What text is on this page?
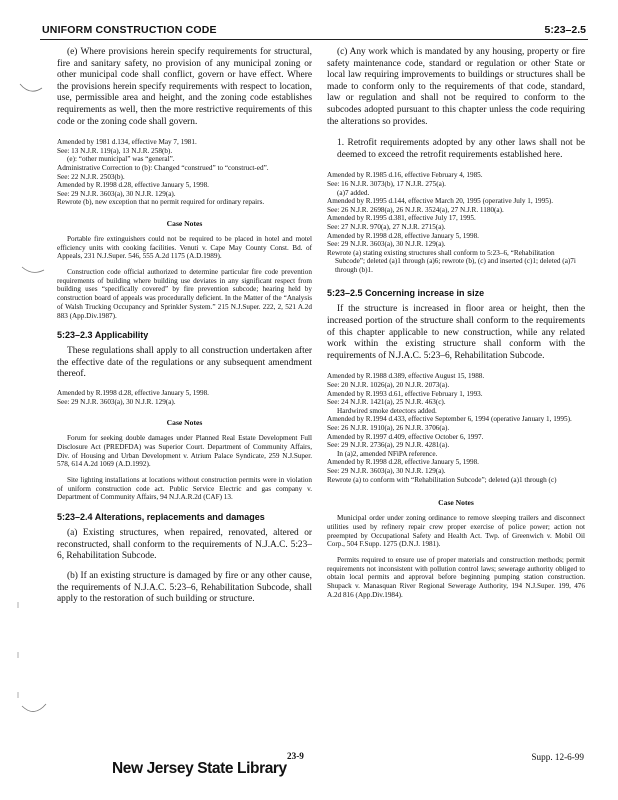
UNIFORM CONSTRUCTION CODE	5:23–2.5

(e) Where provisions herein specify requirements for structural, fire and sanitary safety, no provision of any municipal zoning or other municipal code shall conflict, govern or have effect. Where the provisions herein specify requirements with respect to location, use, permissible area and height, and the zoning code establishes requirements as well, then the more restrictive requirements of this code or the zoning code shall govern.

Amended by 1981 d.134, effective May 7, 1981.
See: 13 N.J.R. 119(a), 13 N.J.R. 258(b).
(e): “other municipal” was “general”.
Administrative Correction to (b): Changed “construed” to “construct-ed”.
See: 22 N.J.R. 2503(b).
Amended by R.1998 d.28, effective January 5, 1998.
See: 29 N.J.R. 3603(a), 30 N.J.R. 129(a).
Rewrote (b), new exception that no permit required for ordinary repairs.
Case Notes

Portable fire extinguishers could not be required to be placed in hotel and motel efficiency units with cooking facilities. Venuti v. Cape May County Const. Bd. of Appeals, 231 N.J.Super. 546, 555 A.2d 1175 (A.D.1989).

Construction code official authorized to determine particular fire code prevention requirements of building where building use deviates in any significant respect from building uses “specifically covered” by fire prevention subcode; hearing held by construction board of appeals was procedurally deficient. In the Matter of the “Analysis of Walsh Trucking Occupancy and Sprinkler System.” 215 N.J.Super. 222, 2, 521 A.2d 883 (App.Div.1987).

5:23–2.3 Applicability

These regulations shall apply to all construction undertaken after the effective date of the regulations or any subsequent amendment thereof.

Amended by R.1998 d.28, effective January 5, 1998.
See: 29 N.J.R. 3603(a), 30 N.J.R. 129(a).
Case Notes

Forum for seeking double damages under Planned Real Estate Development Full Disclosure Act (PREDFDA) was Superior Court. Department of Community Affairs, Div. of Housing and Urban Development v. Atrium Palace Syndicate, 259 N.J.Super. 578, 614 A.2d 1069 (A.D.1992).

Site lighting installations at locations without construction permits were in violation of uniform construction code act. Public Service Electric and gas company v. Department of Community Affairs, 94 N.J.A.R.2d (CAF) 13.

5:23–2.4 Alterations, replacements and damages

(a) Existing structures, when repaired, renovated, altered or reconstructed, shall conform to the requirements of N.J.A.C. 5:23–6, Rehabilitation Subcode.

(b) If an existing structure is damaged by fire or any other cause, the requirements of N.J.A.C. 5:23–6, Rehabilitation Subcode, shall apply to the restoration of such building or structure.

(c) Any work which is mandated by any housing, property or fire safety maintenance code, standard or regulation or other State or local law requiring improvements to buildings or structures shall be made to conform only to the requirements of that code, standard, law or regulation and shall not be required to conform to the subcodes adopted pursuant to this chapter unless the code requiring the alterations so provides.

1. Retrofit requirements adopted by any other laws shall not be deemed to exceed the retrofit requirements established here.

Amended by R.1985 d.16, effective February 4, 1985.
See: 16 N.J.R. 3073(b), 17 N.J.R. 275(a).
(a)7 added.
Amended by R.1995 d.144, effective March 20, 1995 (operative July 1, 1995).
See: 26 N.J.R. 2698(a), 26 N.J.R. 3524(a), 27 N.J.R. 1180(a).
Amended by R.1995 d.381, effective July 17, 1995.
See: 27 N.J.R. 970(a), 27 N.J.R. 2715(a).
Amended by R.1998 d.28, effective January 5, 1998.
See: 29 N.J.R. 3603(a), 30 N.J.R. 129(a).
Rewrote (a) stating existing structures shall conform to 5:23–6, “Rehabilitation Subcode”; deleted (a)1 through (a)6; rewrote (b), (c) and inserted (c)1; deleted (a)7i through (b)1.
5:23–2.5 Concerning increase in size

If the structure is increased in floor area or height, then the increased portion of the structure shall conform to the requirements of this chapter applicable to new construction, while any related work within the existing structure shall conform with the requirements of N.J.A.C. 5:23–6, Rehabilitation Subcode.

Amended by R.1988 d.389, effective August 15, 1988.
See: 20 N.J.R. 1026(a), 20 N.J.R. 2073(a).
Amended by R.1993 d.61, effective February 1, 1993.
See: 24 N.J.R. 1421(a), 25 N.J.R. 463(c).
Hardwired smoke detectors added.
Amended by R.1994 d.433, effective September 6, 1994 (operative January 1, 1995).
See: 26 N.J.R. 1910(a), 26 N.J.R. 3706(a).
Amended by R.1997 d.409, effective October 6, 1997.
See: 29 N.J.R. 2736(a), 29 N.J.R. 4281(a).
In (a)2, amended NFiPA reference.
Amended by R.1998 d.28, effective January 5, 1998.
See: 29 N.J.R. 3603(a), 30 N.J.R. 129(a).
Rewrote (a) to conform with “Rehabilitation Subcode”; deleted (a)1 through (c)
Case Notes

Municipal order under zoning ordinance to remove sleeping trailers and disconnect utilities used by refinery repair crew proper exercise of police power; action not preempted by Occupational Safety and Health Act. Twp. of Greenwich v. Mobil Oil Corp., 504 F.Supp. 1275 (D.N.J. 1981).

Permits required to ensure use of proper materials and construction methods; permit requirements not inconsistent with pollution control laws; sewerage authority obliged to obtain local permits and approval before beginning pumping station construction. Shupack v. Manasquan River Regional Sewerage Authority, 194 N.J.Super. 199, 476 A.2d 816 (App.Div.1984).

23-9	Supp. 12-6-99
New Jersey State Library
